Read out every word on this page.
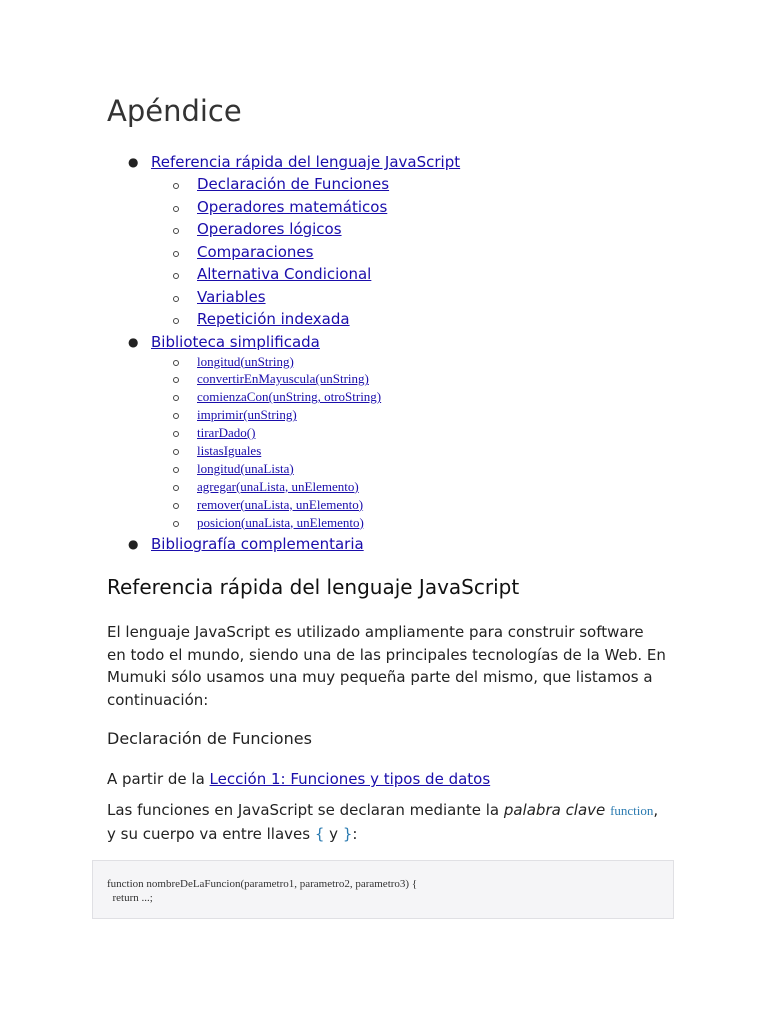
Apéndice
● Referencia rápida del lenguaje JavaScript
Declaración de Funciones
Operadores matemáticos
Operadores lógicos
Comparaciones
Alternativa Condicional
Variables
Repetición indexada
● Biblioteca simplificada
longitud(unString)
convertirEnMayuscula(unString)
comienzaCon(unString, otroString)
imprimir(unString)
tirarDado()
listasIguales
longitud(unaLista)
agregar(unaLista, unElemento)
remover(unaLista, unElemento)
posicion(unaLista, unElemento)
● Bibliografía complementaria
Referencia rápida del lenguaje JavaScript

El lenguaje JavaScript es utilizado ampliamente para construir software en todo el mundo, siendo una de las principales tecnologías de la Web. En Mumuki sólo usamos una muy pequeña parte del mismo, que listamos a continuación:

Declaración de Funciones

A partir de la Lección 1: Funciones y tipos de datos

Las funciones en JavaScript se declaran mediante la palabra clave function, y su cuerpo va entre llaves { y }:

function nombreDeLaFuncion(parametro1, parametro2, parametro3) {
return ...;
